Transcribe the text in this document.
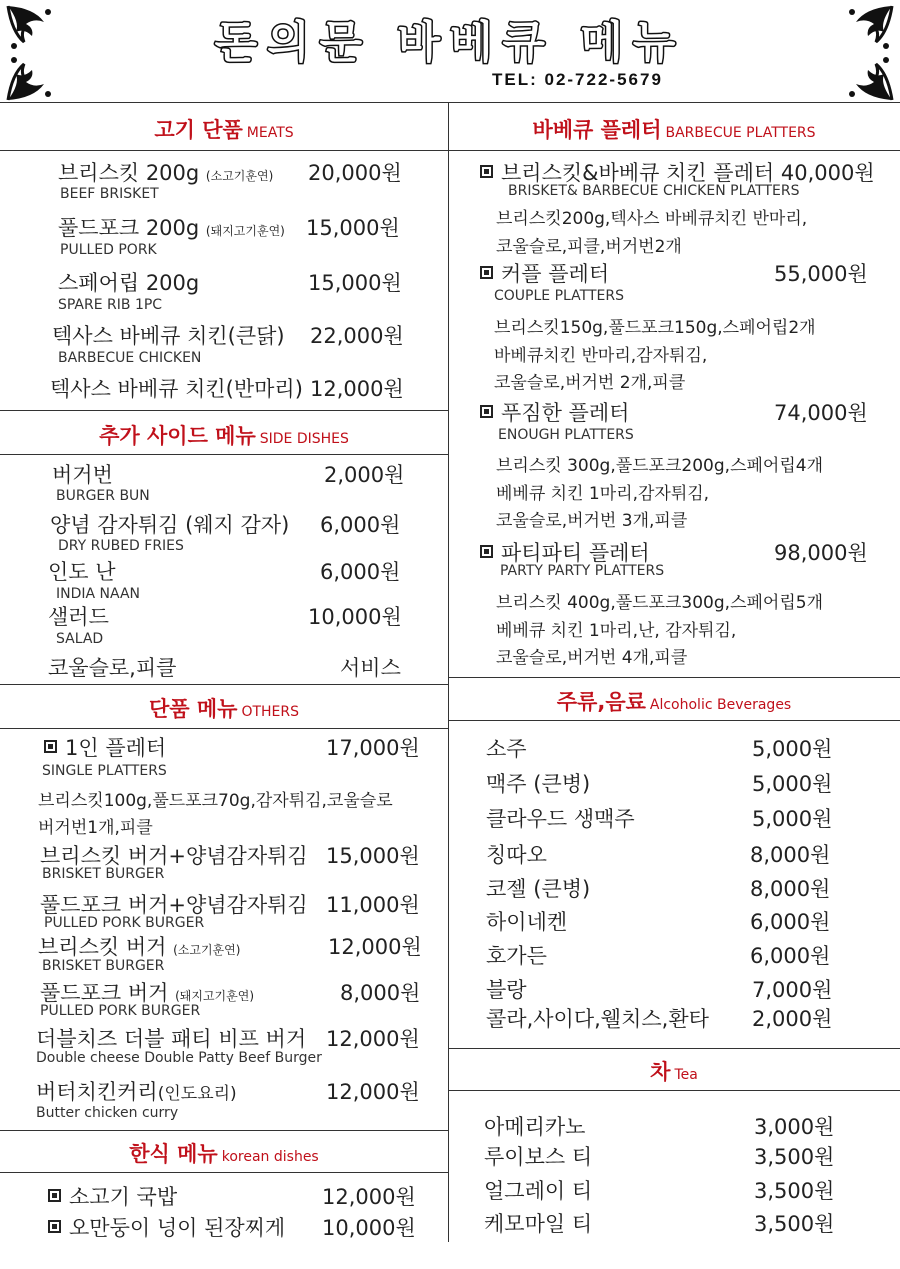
돈의문 바베큐 메뉴
TEL: 02-722-5679
고기 단품 MEATS
브리스킷 200g (소고기훈연) 20,000원
BEEF BRISKET
풀드포크 200g (돼지고기훈연) 15,000원
PULLED PORK
스페어립 200g	15,000원
SPARE RIB 1PC
텍사스 바베큐 치킨(큰닭) 22,000원
BARBECUE CHICKEN
텍사스 바베큐 치킨(반마리) 12,000원
추가 사이드 메뉴 SIDE DISHES
버거번	2,000원
BURGER BUN
양념 감자튀김 (웨지 감자) 6,000원
DRY RUBED FRIES
인도 난	6,000원
INDIA NAAN
샐러드	10,000원
SALAD
코울슬로,피클	서비스
단품 메뉴 OTHERS
1인 플레터	17,000원
SINGLE PLATTERS
브리스킷100g,풀드포크70g,감자튀김,코울슬로
버거번1개,피클
브리스킷 버거+양념감자튀김 15,000원
BRISKET BURGER
풀드포크 버거+양념감자튀김 11,000원
PULLED PORK BURGER
브리스킷 버거 (소고기훈연)	12,000원
BRISKET BURGER
풀드포크 버거 (돼지고기훈연)	8,000원
PULLED PORK BURGER
더블치즈 더블 패티 비프 버거 12,000원
Double cheese Double Patty Beef Burger
버터치킨커리(인도요리)	12,000원
Butter chicken curry
한식 메뉴 korean dishes
소고기 국밥	12,000원
오만둥이 넝이 된장찌게 10,000원
바베큐 플레터 BARBECUE PLATTERS
브리스킷&바베큐 치킨 플레터 40,000원
BRISKET& BARBECUE CHICKEN PLATTERS
브리스킷200g,텍사스 바베큐치킨 반마리,
코울슬로,피클,버거번2개
커플 플레터	55,000원
COUPLE PLATTERS
브리스킷150g,풀드포크150g,스페어립2개
바베큐치킨 반마리,감자튀김,
코울슬로,버거번 2개,피클
푸짐한 플레터	74,000원
ENOUGH PLATTERS
브리스킷 300g,풀드포크200g,스페어립4개
베베큐 치킨 1마리,감자튀김,
코울슬로,버거번 3개,피클
파티파티 플레터	98,000원
PARTY PARTY PLATTERS
브리스킷 400g,풀드포크300g,스페어립5개
베베큐 치킨 1마리,난, 감자튀김,
코울슬로,버거번 4개,피클
주류,음료 Alcoholic Beverages
소주	5,000원
맥주 (큰병)	5,000원
클라우드 생맥주	5,000원
칭따오	8,000원
코젤 (큰병)	8,000원
하이네켄	6,000원
호가든	6,000원
블랑	7,000원
콜라,사이다,웰치스,환타 2,000원
차 Tea
아메리카노	3,000원
루이보스 티	3,500원
얼그레이 티	3,500원
케모마일 티	3,500원
